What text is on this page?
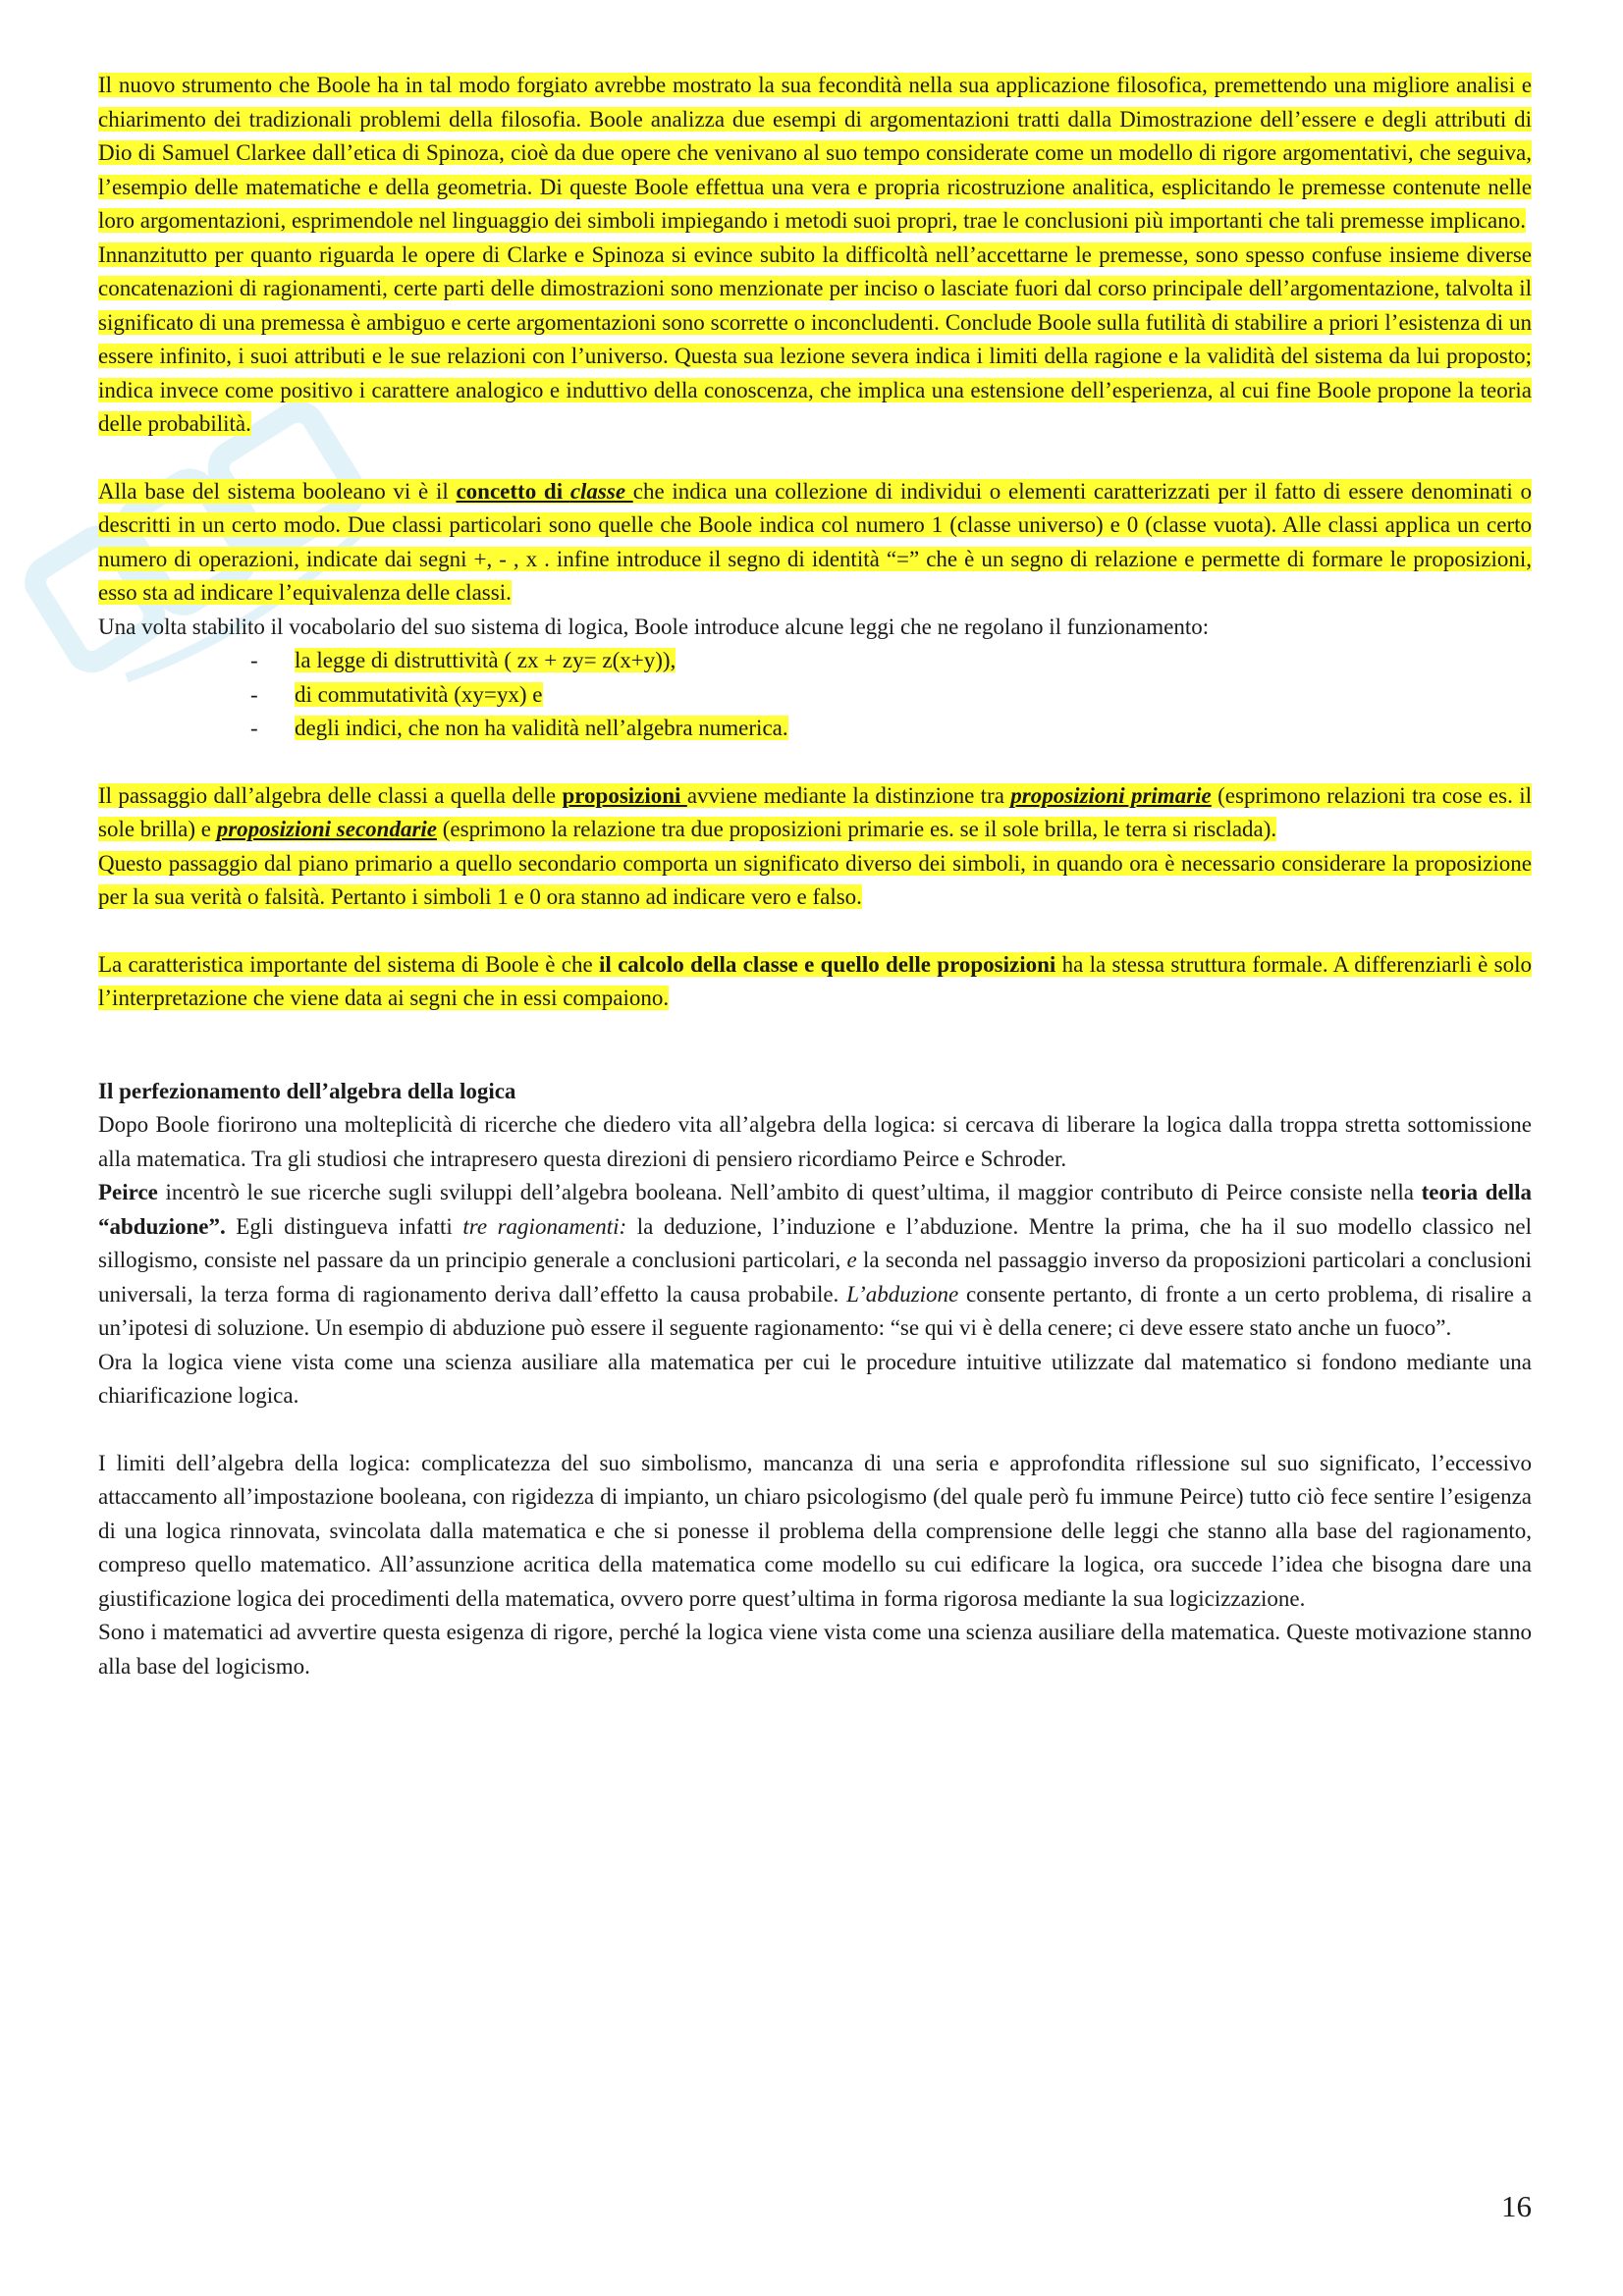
Il nuovo strumento che Boole ha in tal modo forgiato avrebbe mostrato la sua fecondità nella sua applicazione filosofica, premettendo una migliore analisi e chiarimento dei tradizionali problemi della filosofia. Boole analizza due esempi di argomentazioni tratti dalla Dimostrazione dell’essere e degli attributi di Dio di Samuel Clarkee dall’etica di Spinoza, cioè da due opere che venivano al suo tempo considerate come un modello di rigore argomentativi, che seguiva, l’esempio delle matematiche e della geometria. Di queste Boole effettua una vera e propria ricostruzione analitica, esplicitando le premesse contenute nelle loro argomentazioni, esprimendole nel linguaggio dei simboli impiegando i metodi suoi propri, trae le conclusioni più importanti che tali premesse implicano.

Innanzitutto per quanto riguarda le opere di Clarke e Spinoza si evince subito la difficoltà nell’accettarne le premesse, sono spesso confuse insieme diverse concatenazioni di ragionamenti, certe parti delle dimostrazioni sono menzionate per inciso o lasciate fuori dal corso principale dell’argomentazione, talvolta il significato di una premessa è ambiguo e certe argomentazioni sono scorrette o inconcludenti. Conclude Boole sulla futilità di stabilire a priori l’esistenza di un essere infinito, i suoi attributi e le sue relazioni con l’universo. Questa sua lezione severa indica i limiti della ragione e la validità del sistema da lui proposto; indica invece come positivo i carattere analogico e induttivo della conoscenza, che implica una estensione dell’esperienza, al cui fine Boole propone la teoria delle probabilità.

Alla base del sistema booleano vi è il concetto di classe che indica una collezione di individui o elementi caratterizzati per il fatto di essere denominati o descritti in un certo modo. Due classi particolari sono quelle che Boole indica col numero 1 (classe universo) e 0 (classe vuota). Alle classi applica un certo numero di operazioni, indicate dai segni +, - , x . infine introduce il segno di identità “=” che è un segno di relazione e permette di formare le proposizioni, esso sta ad indicare l’equivalenza delle classi.

Una volta stabilito il vocabolario del suo sistema di logica, Boole introduce alcune leggi che ne regolano il funzionamento:

- la legge di distruttività ( zx + zy= z(x+y)),
- di commutatività (xy=yx) e
- degli indici, che non ha validità nell’algebra numerica.

Il passaggio dall’algebra delle classi a quella delle proposizioni avviene mediante la distinzione tra proposizioni primarie (esprimono relazioni tra cose es. il sole brilla) e proposizioni secondarie (esprimono la relazione tra due proposizioni primarie es. se il sole brilla, le terra si risclada).

Questo passaggio dal piano primario a quello secondario comporta un significato diverso dei simboli, in quando ora è necessario considerare la proposizione per la sua verità o falsità. Pertanto i simboli 1 e 0 ora stanno ad indicare vero e falso.

La caratteristica importante del sistema di Boole è che il calcolo della classe e quello delle proposizioni ha la stessa struttura formale. A differenziarli è solo l’interpretazione che viene data ai segni che in essi compaiono.

Il perfezionamento dell’algebra della logica

Dopo Boole fiorirono una molteplicità di ricerche che diedero vita all’algebra della logica: si cercava di liberare la logica dalla troppa stretta sottomissione alla matematica. Tra gli studiosi che intrapresero questa direzioni di pensiero ricordiamo Peirce e Schroder.

Peirce incentrò le sue ricerche sugli sviluppi dell’algebra booleana. Nell’ambito di quest’ultima, il maggior contributo di Peirce consiste nella teoria della “abduzione”. Egli distingueva infatti tre ragionamenti: la deduzione, l’induzione e l’abduzione. Mentre la prima, che ha il suo modello classico nel sillogismo, consiste nel passare da un principio generale a conclusioni particolari, e la seconda nel passaggio inverso da proposizioni particolari a conclusioni universali, la terza forma di ragionamento deriva dall’effetto la causa probabile. L’abduzione consente pertanto, di fronte a un certo problema, di risalire a un’ipotesi di soluzione. Un esempio di abduzione può essere il seguente ragionamento: “se qui vi è della cenere; ci deve essere stato anche un fuoco”.

Ora la logica viene vista come una scienza ausiliare alla matematica per cui le procedure intuitive utilizzate dal matematico si fondono mediante una chiarificazione logica.

I limiti dell’algebra della logica: complicatezza del suo simbolismo, mancanza di una seria e approfondita riflessione sul suo significato, l’eccessivo attaccamento all’impostazione booleana, con rigidezza di impianto, un chiaro psicologismo (del quale però fu immune Peirce) tutto ciò fece sentire l’esigenza di una logica rinnovata, svincolata dalla matematica e che si ponesse il problema della comprensione delle leggi che stanno alla base del ragionamento, compreso quello matematico. All’assunzione acritica della matematica come modello su cui edificare la logica, ora succede l’idea che bisogna dare una giustificazione logica dei procedimenti della matematica, ovvero porre quest’ultima in forma rigorosa mediante la sua logicizzazione.

Sono i matematici ad avvertire questa esigenza di rigore, perché la logica viene vista come una scienza ausiliare della matematica. Queste motivazione stanno alla base del logicismo.

16
